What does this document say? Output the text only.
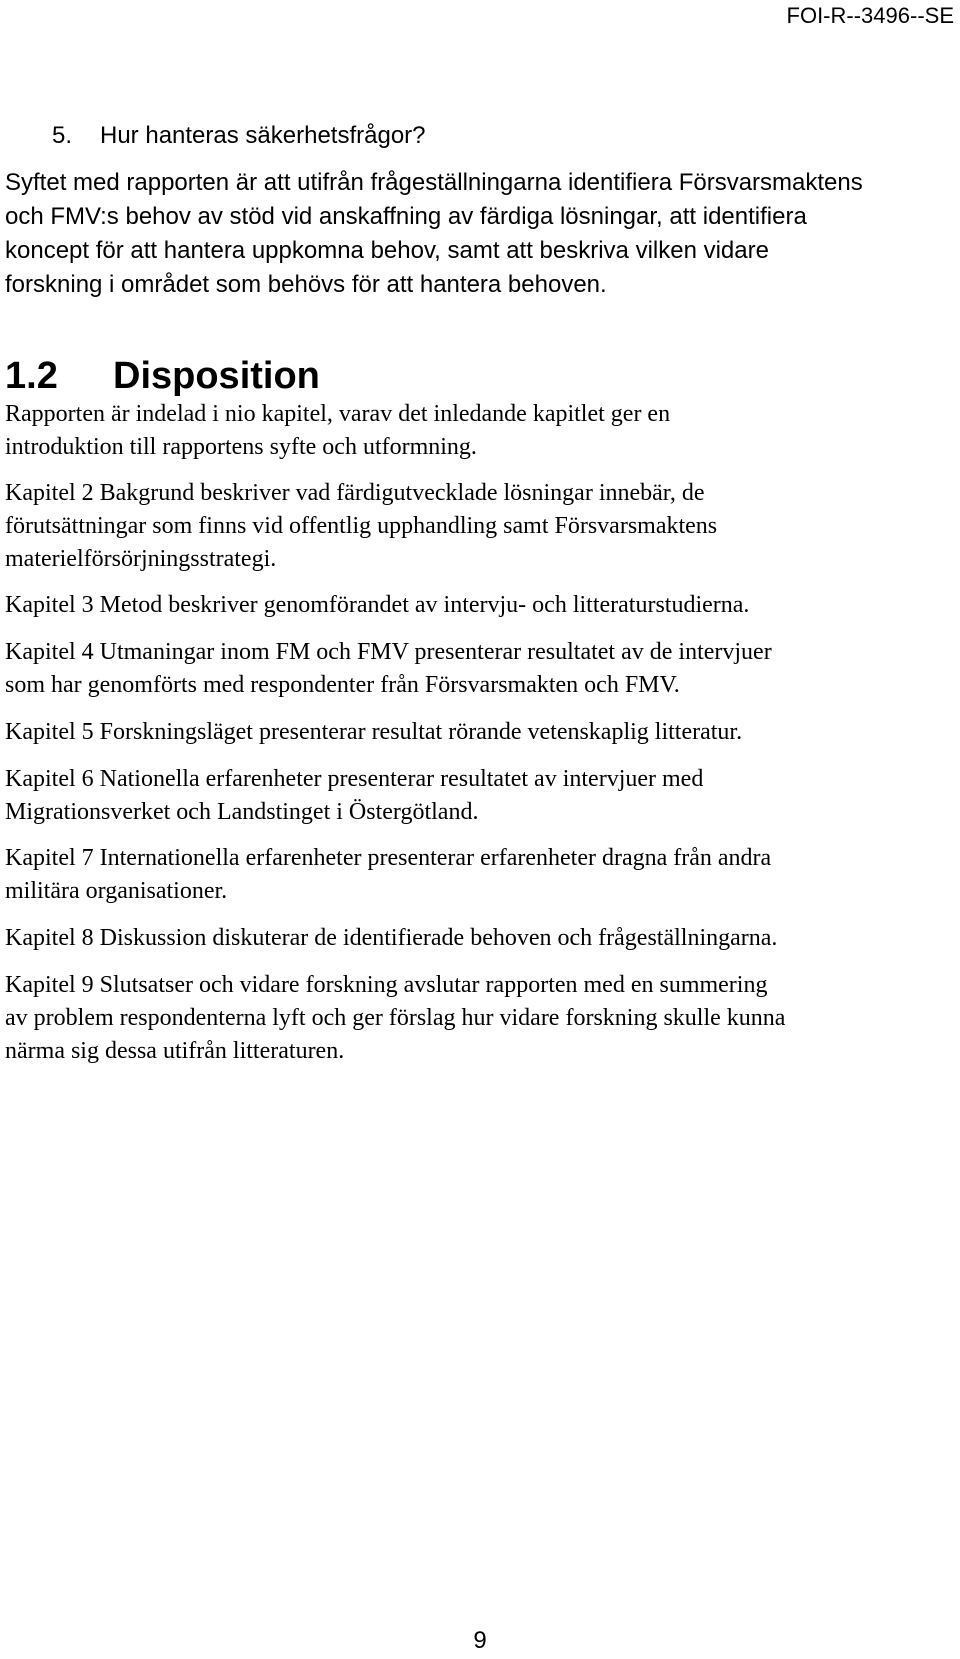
FOI-R--3496--SE
5. Hur hanteras säkerhetsfrågor?

Syftet med rapporten är att utifrån frågeställningarna identifiera Försvarsmaktens
och FMV:s behov av stöd vid anskaffning av färdiga lösningar, att identifiera
koncept för att hantera uppkomna behov, samt att beskriva vilken vidare
forskning i området som behövs för att hantera behoven.

1.2 Disposition

Rapporten är indelad i nio kapitel, varav det inledande kapitlet ger en
introduktion till rapportens syfte och utformning.

Kapitel 2 Bakgrund beskriver vad färdigutvecklade lösningar innebär, de
förutsättningar som finns vid offentlig upphandling samt Försvarsmaktens
materielförsörjningsstrategi.

Kapitel 3 Metod beskriver genomförandet av intervju- och litteraturstudierna.

Kapitel 4 Utmaningar inom FM och FMV presenterar resultatet av de intervjuer
som har genomförts med respondenter från Försvarsmakten och FMV.

Kapitel 5 Forskningsläget presenterar resultat rörande vetenskaplig litteratur.

Kapitel 6 Nationella erfarenheter presenterar resultatet av intervjuer med
Migrationsverket och Landstinget i Östergötland.

Kapitel 7 Internationella erfarenheter presenterar erfarenheter dragna från andra
militära organisationer.

Kapitel 8 Diskussion diskuterar de identifierade behoven och frågeställningarna.

Kapitel 9 Slutsatser och vidare forskning avslutar rapporten med en summering
av problem respondenterna lyft och ger förslag hur vidare forskning skulle kunna
närma sig dessa utifrån litteraturen.

9
